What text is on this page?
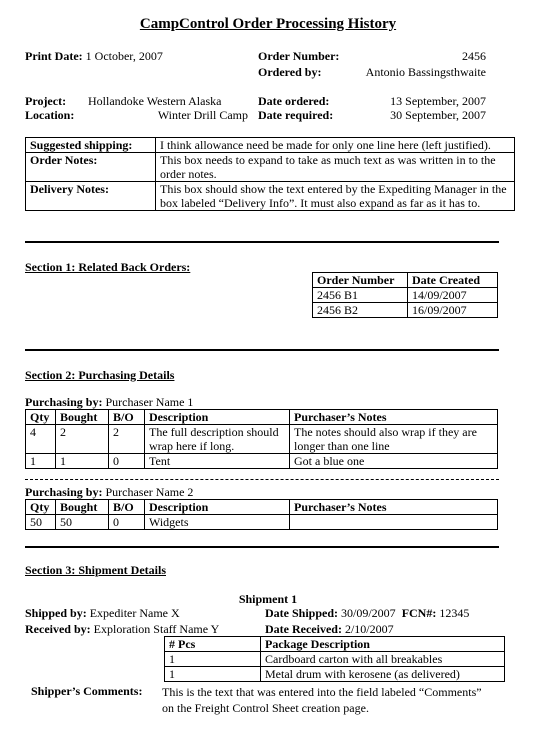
CampControl Order Processing History
Print Date: 1 October, 2007	Order Number:	2456
Ordered by:	Antonio Bassingsthwaite
Project: Hollandoke Western Alaska
Location:	Winter Drill Camp
Date ordered:	13 September, 2007
Date required:	30 September, 2007
Suggested shipping:	I think allowance need be made for only one line here (left justified).
Order Notes:	This box needs to expand to take as much text as was written in to the order notes.
Delivery Notes:	This box should show the text entered by the Expediting Manager in the box labeled “Delivery Info”. It must also expand as far as it has to.
Section 1: Related Back Orders:
Order Number	Date Created
2456 B1	14/09/2007
2456 B2	16/09/2007
Section 2: Purchasing Details
Purchasing by: Purchaser Name 1
Qty	Bought	B/O	Description	Purchaser’s Notes
4	2	2	The full description should wrap here if long.	The notes should also wrap if they are longer than one line
1	1	0	Tent	Got a blue one
Purchasing by: Purchaser Name 2
Qty	Bought	B/O	Description	Purchaser’s Notes
50	50	0	Widgets	
Section 3: Shipment Details
Shipment 1
Shipped by: Expediter Name X	Date Shipped: 30/09/2007 FCN#: 12345
Received by: Exploration Staff Name Y	Date Received: 2/10/2007
# Pcs	Package Description
1	Cardboard carton with all breakables
1	Metal drum with kerosene (as delivered)
Shipper’s Comments: This is the text that was entered into the field labeled “Comments” on the Freight Control Sheet creation page.
